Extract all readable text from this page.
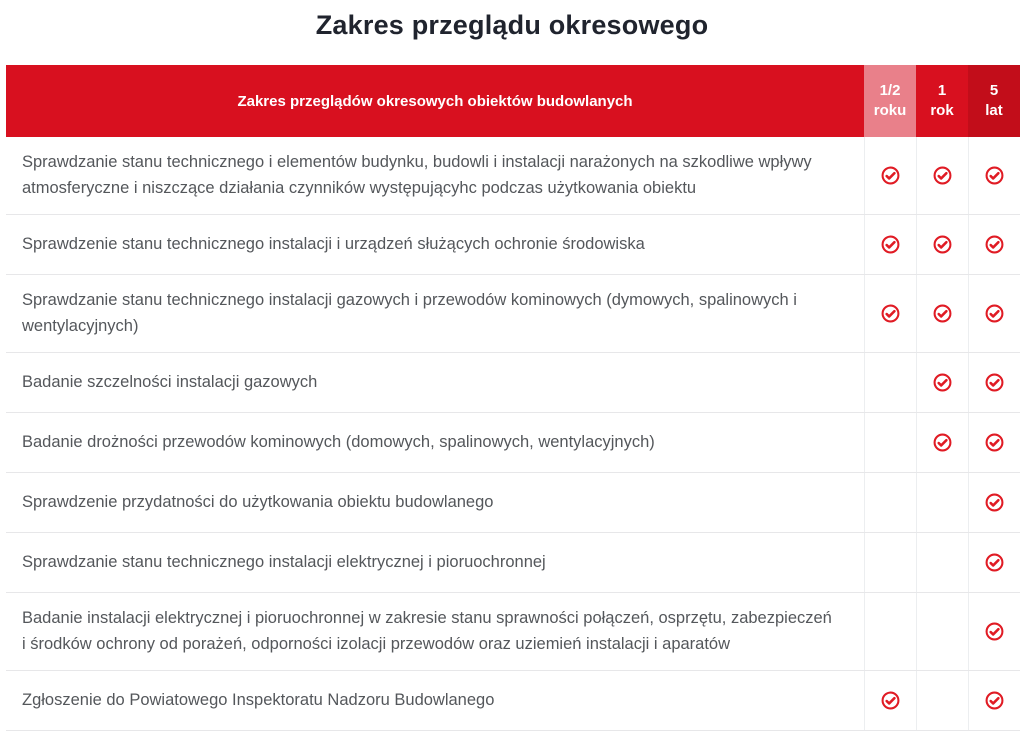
Zakres przeglądu okresowego
Zakres przeglądów okresowych obiektów budowlanych
1/2
roku
1
rok
5
lat
Sprawdzanie stanu technicznego i elementów budynku, budowli i instalacji narażonych na szkodliwe wpływy atmosferyczne i niszczące działania czynników występującyhc podczas użytkowania obiektu
Sprawdzenie stanu technicznego instalacji i urządzeń służących ochronie środowiska
Sprawdzanie stanu technicznego instalacji gazowych i przewodów kominowych (dymowych, spalinowych i wentylacyjnych)
Badanie szczelności instalacji gazowych
Badanie drożności przewodów kominowych (domowych, spalinowych, wentylacyjnych)
Sprawdzenie przydatności do użytkowania obiektu budowlanego
Sprawdzanie stanu technicznego instalacji elektrycznej i pioruochronnej
Badanie instalacji elektrycznej i pioruochronnej w zakresie stanu sprawności połączeń, osprzętu, zabezpieczeń i środków ochrony od porażeń, odporności izolacji przewodów oraz uziemień instalacji i aparatów
Zgłoszenie do Powiatowego Inspektoratu Nadzoru Budowlanego
